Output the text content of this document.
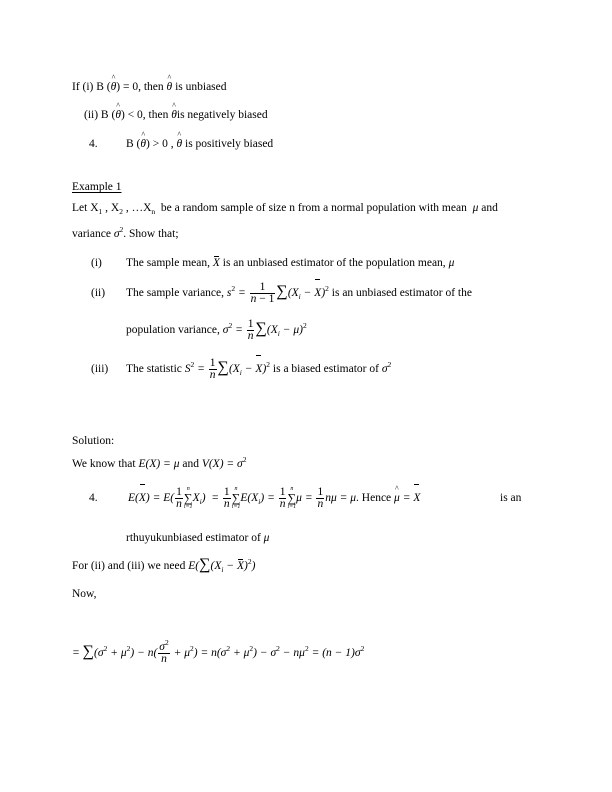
If (i) B (^ θ) = 0, then ^ θ is unbiased
(ii) B (^ θ) < 0, then ^ θis negatively biased
4. B (^ θ) > 0 , ^ θ is positively biased
Example 1
Let $X_1$ , $X_2$ , $\dots X_n$ be a random sample of size n from a normal population with mean μ and
variance $\sigma^2$. Show that;
(i) The sample mean, X is an unbiased estimator of the population mean, μ
(ii) The sample variance, $s^2 = \frac{1}{n - 1} \sum(X_i - X)^2$ is an unbiased estimator of the
population variance, $\sigma^2 = \frac{1}{n} \sum(X_i - \mu)^2$
(iii) The statistic $S^2 = \frac{1}{n} \sum(X_i - X)^2$ is a biased estimator of $\sigma^2$
Solution:
We know that E(X) = μ and $V(X) = \sigma^2$
4.	$E(X) = E( \frac{1}{n}$ n
∑
i=1
$X_i) = \frac{1}{n}$ n
∑
i=1
$E(X_i) = \frac{1}{n}$ n
∑
i=1
$\mu = \frac{1}{n}$ nμ = μ. Hence ^ μ = X	is an
rthuyukunbiased estimator of μ
For (ii) and (iii) we need $E(\sum(X_i - X)^2)$
Now,
= $\sum(\sigma^2 + \mu^2) - n( \frac{\sigma^2}{n} + \mu^2) = n(\sigma^2 + \mu^2) - \sigma^2 - n\mu^2 = (n - 1)\sigma^2$
